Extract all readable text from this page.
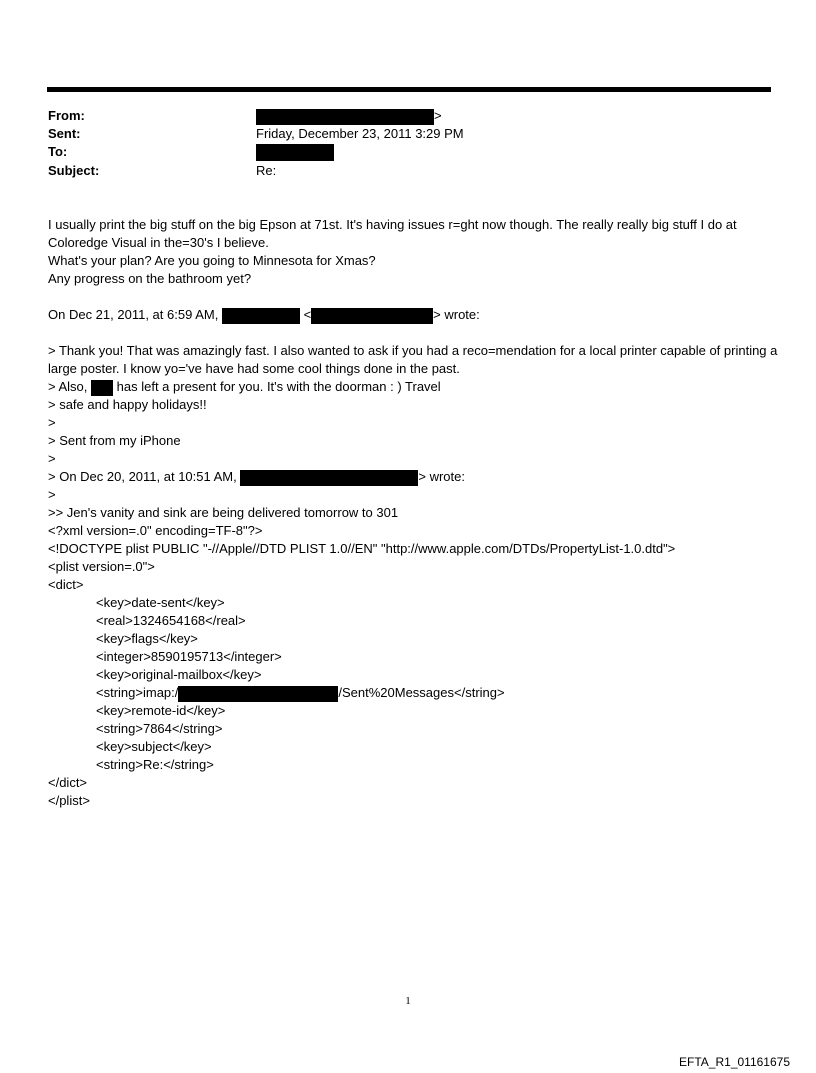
From:	>
Sent:	Friday, December 23, 2011 3:29 PM
To:
Subject:	Re:
I usually print the big stuff on the big Epson at 71st. It's having issues r=ght now though. The really really big stuff I do at Coloredge Visual in the=30's I believe.
What's your plan? Are you going to Minnesota for Xmas?
Any progress on the bathroom yet?
On Dec 21, 2011, at 6:59 AM,	<	> wrote:
> Thank you! That was amazingly fast. I also wanted to ask if you had a reco=mendation for a local printer capable of printing a large poster. I know yo='ve have had some cool things done in the past.
> Also, has left a present for you. It's with the doorman : ) Travel
> safe and happy holidays!!
>
> Sent from my iPhone
>
> On Dec 20, 2011, at 10:51 AM,	> wrote:
>
>> Jen's vanity and sink are being delivered tomorrow to 301
<?xml version=.0" encoding=TF-8"?>
<!DOCTYPE plist PUBLIC "-//Apple//DTD PLIST 1.0//EN" "http://www.apple.com/DTDs/PropertyList-1.0.dtd">
<plist version=.0">
<dict>
<key>date-sent</key>
<real>1324654168</real>
<key>flags</key>
<integer>8590195713</integer>
<key>original-mailbox</key>
<string>imap:/	/Sent%20Messages</string>
<key>remote-id</key>
<string>7864</string>
<key>subject</key>
<string>Re:</string>
</dict>
</plist>
1
EFTA_R1_01161675
